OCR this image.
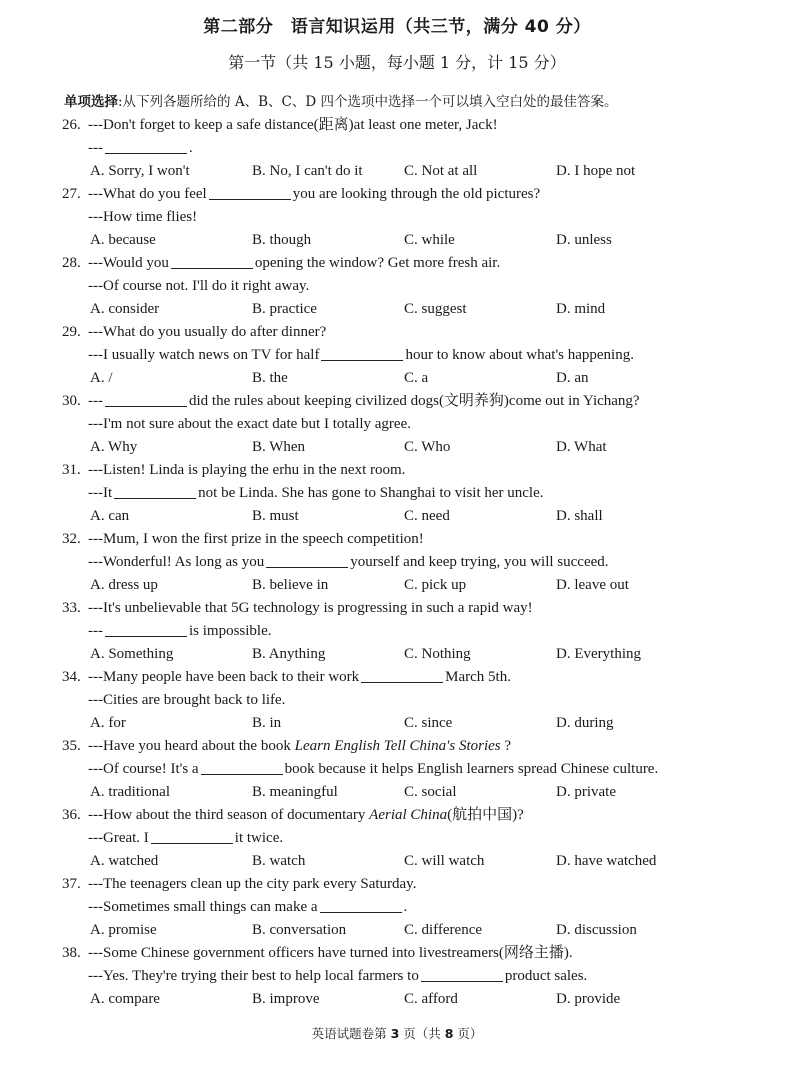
第二部分　语言知识运用（共三节，满分 40 分）
第一节（共 15 小题，每小题 1 分，计 15 分）
单项选择:从下列各题所给的 A、B、C、D 四个选项中选择一个可以填入空白处的最佳答案。
26. ---Don't forget to keep a safe distance(距离)at least one meter, Jack!
---	.
A. Sorry, I won't	B. No, I can't do it	C. Not at all	D. I hope not
27. ---What do you feel	you are looking through the old pictures?
---How time flies!
A. because	B. though	C. while	D. unless
28. ---Would you	opening the window? Get more fresh air.
---Of course not. I'll do it right away.
A. consider	B. practice	C. suggest	D. mind
29. ---What do you usually do after dinner?
---I usually watch news on TV for half	hour to know about what's happening.
A. /	B. the	C. a	D. an
30. ---	did the rules about keeping civilized dogs(文明养狗)come out in Yichang?
---I'm not sure about the exact date but I totally agree.
A. Why	B. When	C. Who	D. What
31. ---Listen! Linda is playing the erhu in the next room.
---It	not be Linda. She has gone to Shanghai to visit her uncle.
A. can	B. must	C. need	D. shall
32. ---Mum, I won the first prize in the speech competition!
---Wonderful! As long as you	yourself and keep trying, you will succeed.
A. dress up	B. believe in	C. pick up	D. leave out
33. ---It's unbelievable that 5G technology is progressing in such a rapid way!
---	is impossible.
A. Something	B. Anything	C. Nothing	D. Everything
34. ---Many people have been back to their work	March 5th.
---Cities are brought back to life.
A. for	B. in	C. since	D. during
35. ---Have you heard about the book Learn English Tell China's Stories ?
---Of course! It's a	book because it helps English learners spread Chinese culture.
A. traditional	B. meaningful	C. social	D. private
36. ---How about the third season of documentary Aerial China(航拍中国)?
---Great. I	it twice.
A. watched	B. watch	C. will watch	D. have watched
37. ---The teenagers clean up the city park every Saturday.
---Sometimes small things can make a	.
A. promise	B. conversation	C. difference	D. discussion
38. ---Some Chinese government officers have turned into livestreamers(网络主播).
---Yes. They're trying their best to help local farmers to	product sales.
A. compare	B. improve	C. afford	D. provide
英语试题卷第 3 页（共 8 页）
